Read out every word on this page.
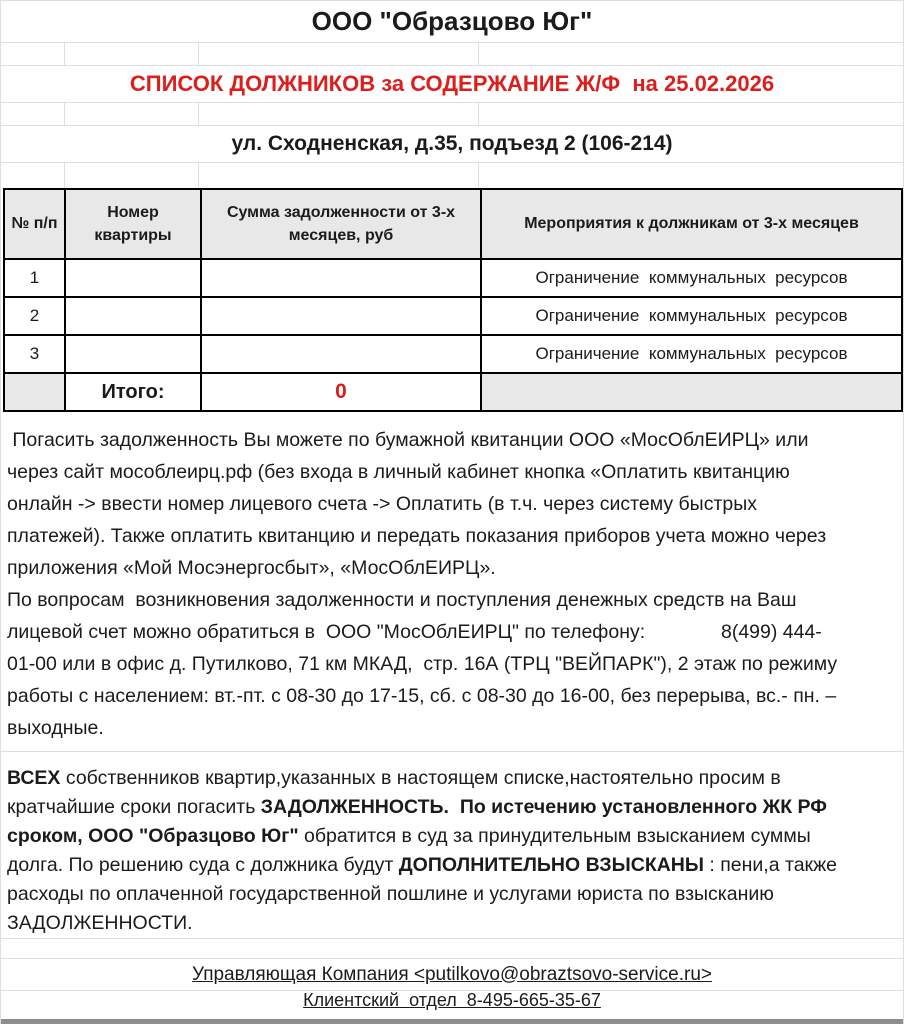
ООО "Образцово Юг"
СПИСОК ДОЛЖНИКОВ за СОДЕРЖАНИЕ Ж/Ф  на 25.02.2026
ул. Сходненская, д.35, подъезд 2 (106-214)
№ п/п	Номер квартиры	Сумма задолженности от 3-х месяцев, руб	Мероприятия к должникам от 3-х месяцев
1			Ограничение  коммунальных  ресурсов
2			Ограничение  коммунальных  ресурсов
3			Ограничение  коммунальных  ресурсов
	Итого:	0	
Погасить задолженность Вы можете по бумажной квитанции ООО «МосОблЕИРЦ» или
через сайт мособлеирц.рф (без входа в личный кабинет кнопка «Оплатить квитанцию
онлайн -> ввести номер лицевого счета -> Оплатить (в т.ч. через систему быстрых
платежей). Также оплатить квитанцию и передать показания приборов учета можно через
приложения «Мой Мосэнергосбыт», «МосОблЕИРЦ».
По вопросам  возникновения задолженности и поступления денежных средств на Ваш
лицевой счет можно обратиться в  ООО "МосОблЕИРЦ" по телефону:              8(499) 444-
01-00 или в офис д. Путилково, 71 км МКАД,  стр. 16А (ТРЦ "ВЕЙПАРК"), 2 этаж по режиму
работы с населением: вт.-пт. с 08-30 до 17-15, сб. с 08-30 до 16-00, без перерыва, вс.- пн. –
выходные.
ВСЕХ собственников квартир,указанных в настоящем списке,настоятельно просим в
кратчайшие сроки погасить ЗАДОЛЖЕННОСТЬ. По истечению установленного ЖК РФ
сроком, ООО "Образцово Юг" обратится в суд за принудительным взысканием суммы
долга. По решению суда с должника будут ДОПОЛНИТЕЛЬНО ВЗЫСКАНЫ : пени,а также
расходы по оплаченной государственной пошлине и услугами юриста по взысканию
ЗАДОЛЖЕННОСТИ.
Управляющая Компания <putilkovo@obraztsovo-service.ru>
Клиентский  отдел  8-495-665-35-67
